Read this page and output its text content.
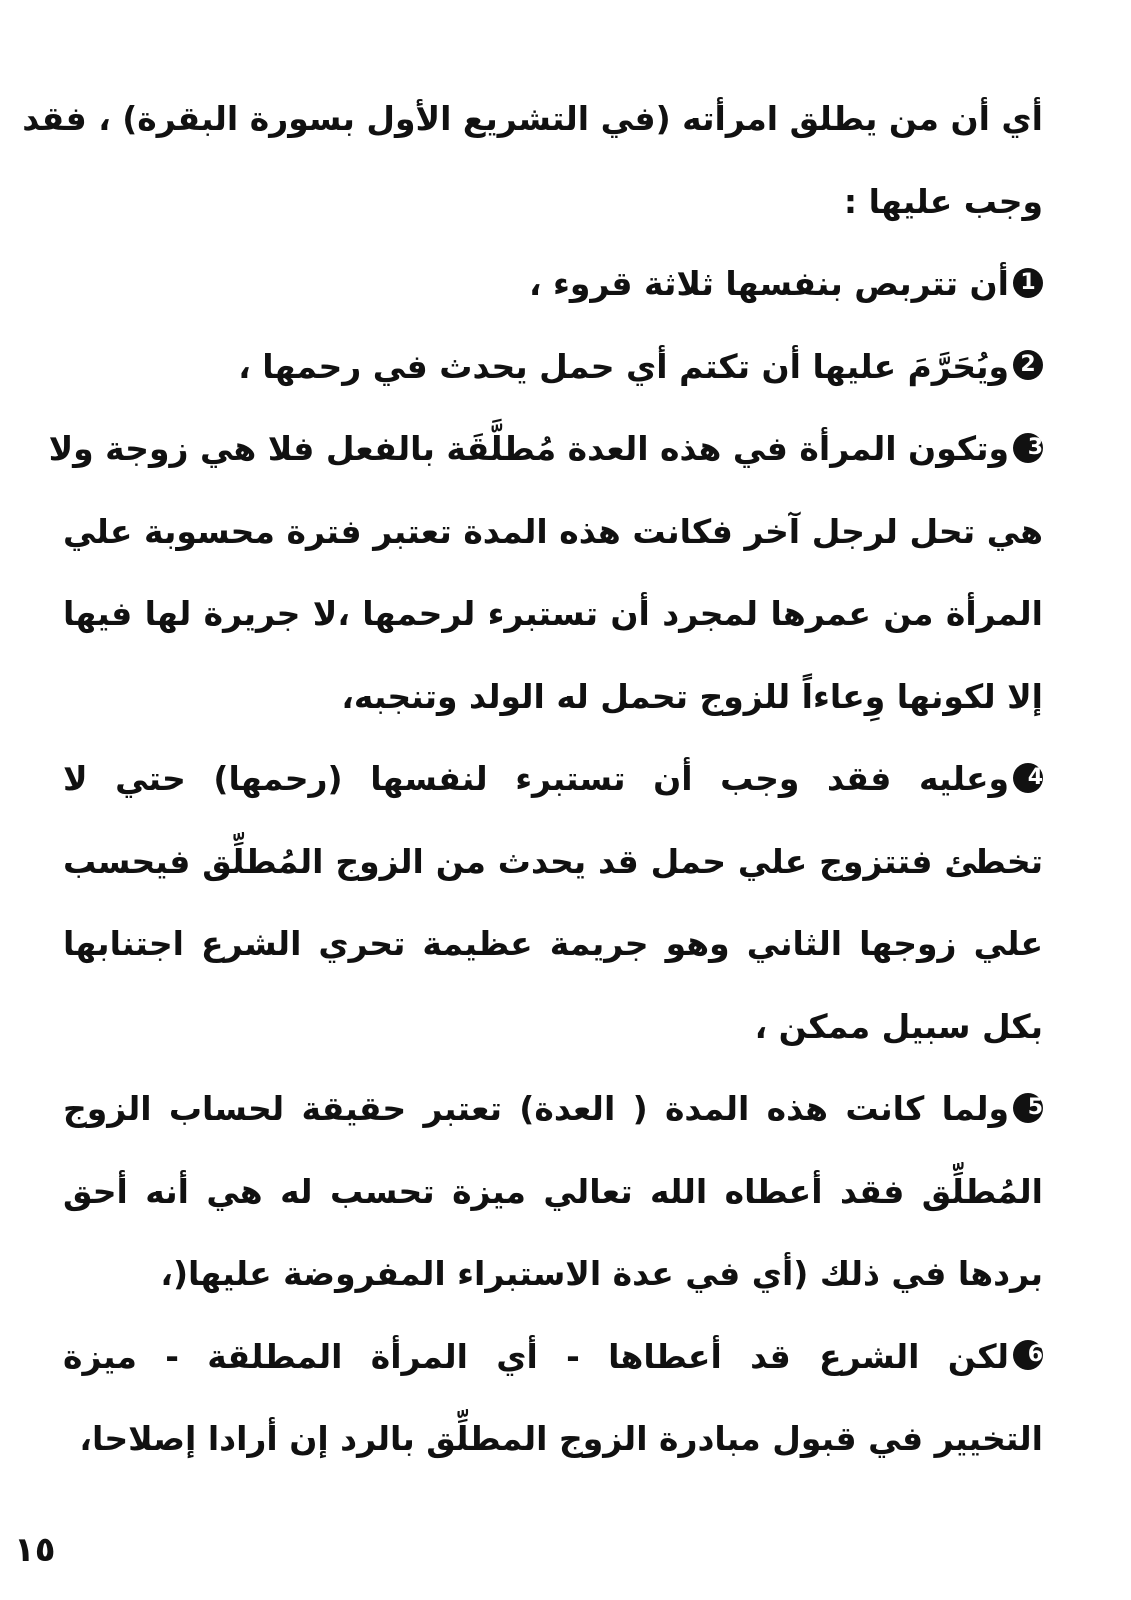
أي أن من يطلق امرأته (في التشريع الأول بسورة البقرة) ، فقد
وجب عليها :
1أن تتربص بنفسها ثلاثة قروء ،
2ويُحَرَّمَ عليها أن تكتم أي حمل يحدث في رحمها ،
3وتكون المرأة في هذه العدة مُطلَّقَة بالفعل فلا هي زوجة ولا
هي تحل لرجل آخر فكانت هذه المدة تعتبر فترة محسوبة علي
المرأة من عمرها لمجرد أن تستبرء لرحمها ،لا جريرة لها فيها
إلا لكونها وِعاءاً للزوج تحمل له الولد وتنجبه،
4وعليه فقد وجب أن تستبرء لنفسها (رحمها) حتي لا
تخطئ فتتزوج علي حمل قد يحدث من الزوج المُطلِّق فيحسب
علي زوجها الثاني وهو جريمة عظيمة تحري الشرع اجتنابها
بكل سبيل ممكن ،
5ولما كانت هذه المدة ( العدة) تعتبر حقيقة لحساب الزوج
المُطلِّق فقد أعطاه الله تعالي ميزة تحسب له هي أنه أحق
بردها في ذلك (أي في عدة الاستبراء المفروضة عليها(،
6لكن الشرع قد أعطاها - أي المرأة المطلقة - ميزة
التخيير في قبول مبادرة الزوج المطلِّق بالرد إن أرادا إصلاحا،
١٥
